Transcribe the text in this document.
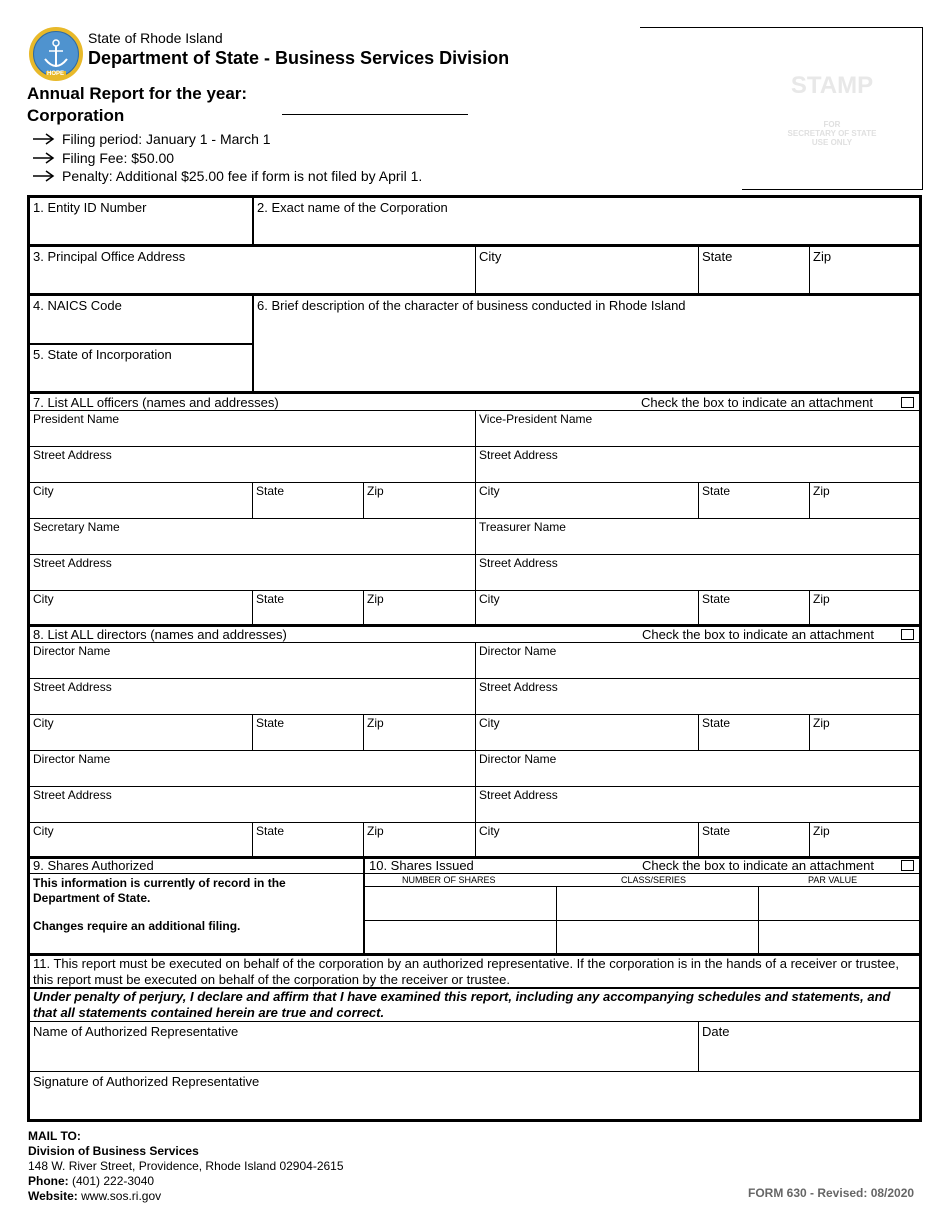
HOPE
State of Rhode Island
Department of State - Business Services Division
Annual Report for the year:
Corporation
Filing period: January 1 - March 1
Filing Fee: $50.00
Penalty: Additional $25.00 fee if form is not filed by April 1.
STAMP
FOR
SECRETARY OF STATE
USE ONLY
1. Entity ID Number	2. Exact name of the Corporation
3. Principal Office Address	City	State	Zip
4. NAICS Code
5. State of Incorporation
6. Brief description of the character of business conducted in Rhode Island
7. List ALL officers (names and addresses)	Check the box to indicate an attachment
President Name	Vice-President Name
Street Address	Street Address
City	State	Zip	City	State	Zip
Secretary Name	Treasurer Name
Street Address	Street Address
City	State	Zip	City	State	Zip
8. List ALL directors (names and addresses)	Check the box to indicate an attachment
Director Name	Director Name
Street Address	Street Address
City	State	Zip	City	State	Zip
Director Name	Director Name
Street Address	Street Address
City	State	Zip	City	State	Zip
9. Shares Authorized	10. Shares Issued	Check the box to indicate an attachment
This information is currently of record in the Department of State.
Changes require an additional filing.
NUMBER OF SHARES	CLASS/SERIES	PAR VALUE
11. This report must be executed on behalf of the corporation by an authorized representative. If the corporation is in the hands of a receiver or trustee, this report must be executed on behalf of the corporation by the receiver or trustee.
Under penalty of perjury, I declare and affirm that I have examined this report, including any accompanying schedules and statements, and that all statements contained herein are true and correct.
Name of Authorized Representative	Date
Signature of Authorized Representative
MAIL TO:
Division of Business Services
148 W. River Street, Providence, Rhode Island 02904-2615
Phone: (401) 222-3040
Website: www.sos.ri.gov	FORM 630 - Revised: 08/2020
